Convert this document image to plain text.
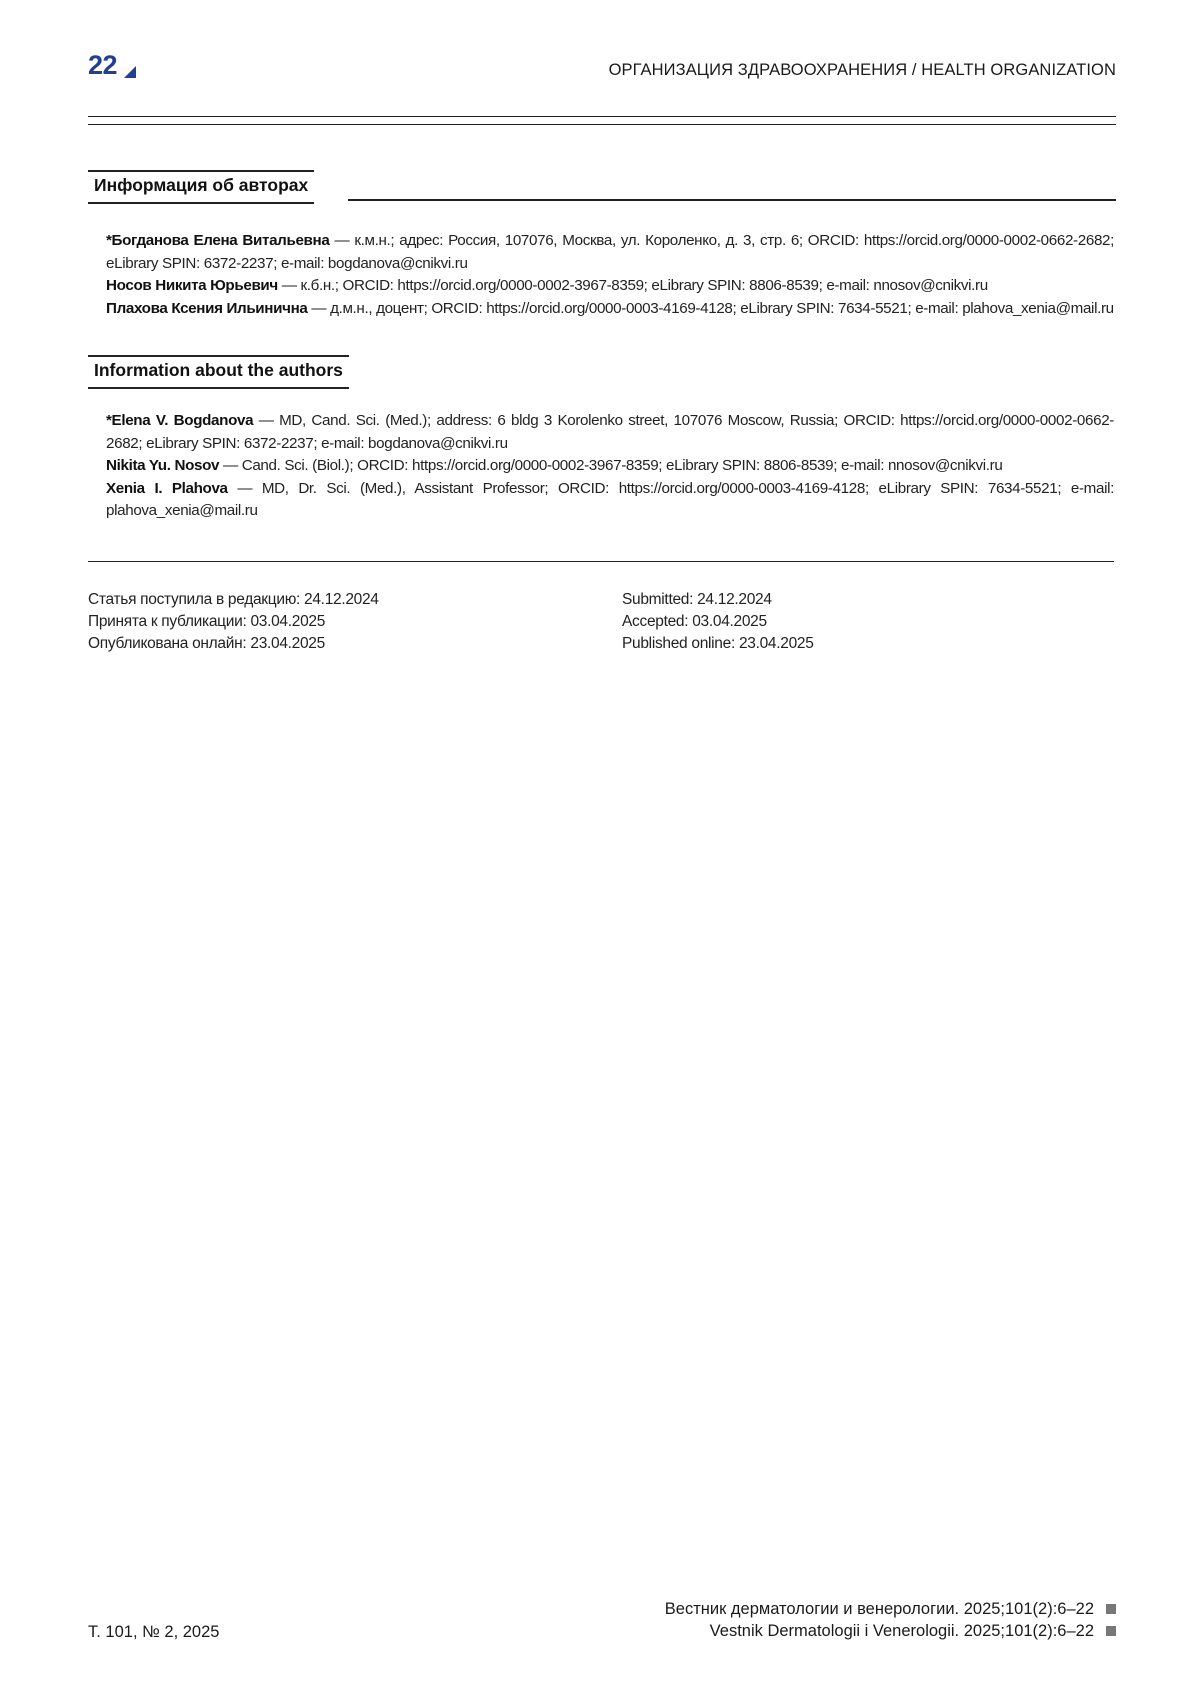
22	ОРГАНИЗАЦИЯ ЗДРАВООХРАНЕНИЯ / HEALTH ORGANIZATION
Информация об авторах

*Богданова Елена Витальевна — к.м.н.; адрес: Россия, 107076, Москва, ул. Короленко, д. 3, стр. 6; ORCID: https://orcid.org/0000-0002-0662-2682; eLibrary SPIN: 6372-2237; e-mail: bogdanova@cnikvi.ru

Носов Никита Юрьевич — к.б.н.; ORCID: https://orcid.org/0000-0002-3967-8359; eLibrary SPIN: 8806-8539; e-mail: nnosov@cnikvi.ru

Плахова Ксения Ильинична — д.м.н., доцент; ORCID: https://orcid.org/0000-0003-4169-4128; eLibrary SPIN: 7634-5521; e-mail: plahova_xenia@mail.ru

Information about the authors

*Elena V. Bogdanova — MD, Cand. Sci. (Med.); address: 6 bldg 3 Korolenko street, 107076 Moscow, Russia; ORCID: https://orcid.org/0000-0002-0662-2682; eLibrary SPIN: 6372-2237; e-mail: bogdanova@cnikvi.ru

Nikita Yu. Nosov — Cand. Sci. (Biol.); ORCID: https://orcid.org/0000-0002-3967-8359; eLibrary SPIN: 8806-8539; e-mail: nnosov@cnikvi.ru

Xenia I. Plahova — MD, Dr. Sci. (Med.), Assistant Professor; ORCID: https://orcid.org/0000-0003-4169-4128; eLibrary SPIN: 7634-5521; e-mail: plahova_xenia@mail.ru

Статья поступила в редакцию: 24.12.2024
Принята к публикации: 03.04.2025
Опубликована онлайн: 23.04.2025
Submitted: 24.12.2024
Accepted: 03.04.2025
Published online: 23.04.2025
Т. 101, № 2, 2025
Вестник дерматологии и венерологии. 2025;101(2):6–22
Vestnik Dermatologii i Venerologii. 2025;101(2):6–22
